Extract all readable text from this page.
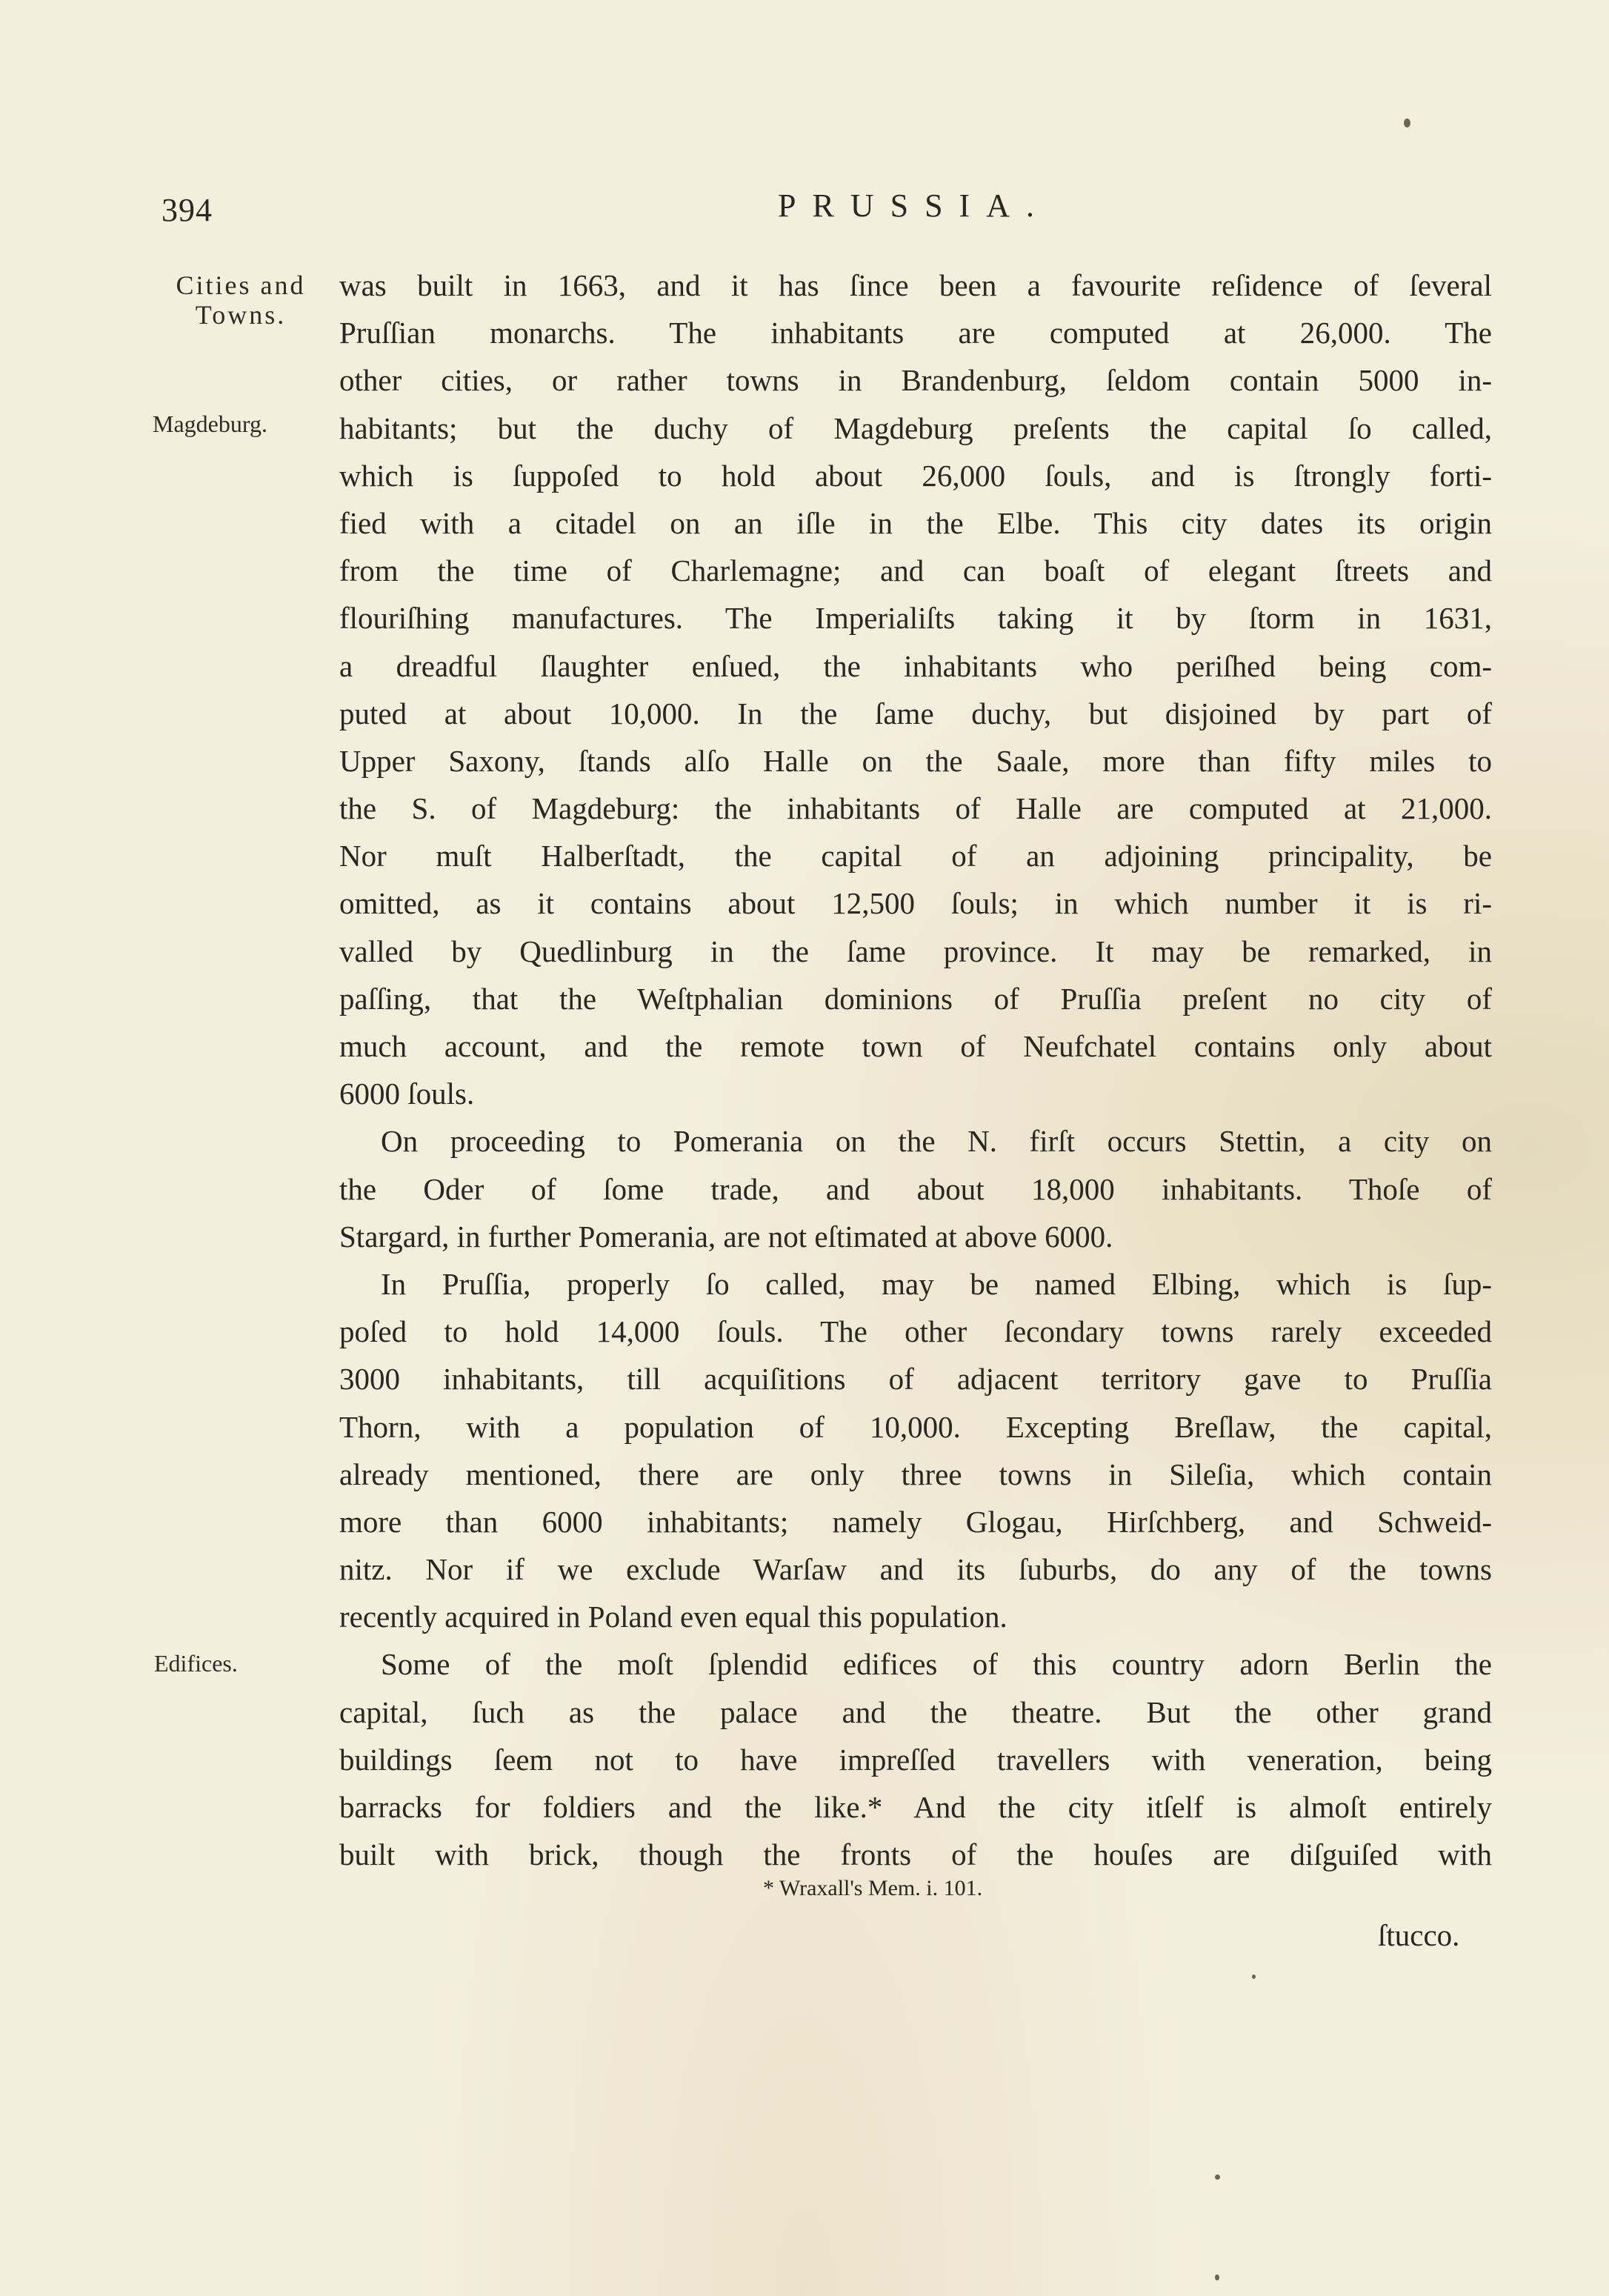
394	PRUSSIA.
Cities and
Towns.
Magdeburg.
Edifices.
was built in 1663, and it has ſince been a favourite reſidence of ſeveral
Pruſſian monarchs. The inhabitants are computed at 26,000. The
other cities, or rather towns in Brandenburg, ſeldom contain 5000 in-
habitants; but the duchy of Magdeburg preſents the capital ſo called,
which is ſuppoſed to hold about 26,000 ſouls, and is ſtrongly forti-
fied with a citadel on an iſle in the Elbe. This city dates its origin
from the time of Charlemagne; and can boaſt of elegant ſtreets and
flouriſhing manufactures. The Imperialiſts taking it by ſtorm in 1631,
a dreadful ſlaughter enſued, the inhabitants who periſhed being com-
puted at about 10,000. In the ſame duchy, but disjoined by part of
Upper Saxony, ſtands alſo Halle on the Saale, more than fifty miles to
the S. of Magdeburg: the inhabitants of Halle are computed at 21,000.
Nor muſt Halberſtadt, the capital of an adjoining principality, be
omitted, as it contains about 12,500 ſouls; in which number it is ri-
valled by Quedlinburg in the ſame province. It may be remarked, in
paſſing, that the Weſtphalian dominions of Pruſſia preſent no city of
much account, and the remote town of Neufchatel contains only about
6000 ſouls.
On proceeding to Pomerania on the N. firſt occurs Stettin, a city on
the Oder of ſome trade, and about 18,000 inhabitants. Thoſe of
Stargard, in further Pomerania, are not eſtimated at above 6000.
In Pruſſia, properly ſo called, may be named Elbing, which is ſup-
poſed to hold 14,000 ſouls. The other ſecondary towns rarely exceeded
3000 inhabitants, till acquiſitions of adjacent territory gave to Pruſſia
Thorn, with a population of 10,000. Excepting Breſlaw, the capital,
already mentioned, there are only three towns in Sileſia, which contain
more than 6000 inhabitants; namely Glogau, Hirſchberg, and Schweid-
nitz. Nor if we exclude Warſaw and its ſuburbs, do any of the towns
recently acquired in Poland even equal this population.
Some of the moſt ſplendid edifices of this country adorn Berlin the
capital, ſuch as the palace and the theatre. But the other grand
buildings ſeem not to have impreſſed travellers with veneration, being
barracks for foldiers and the like.* And the city itſelf is almoſt entirely
built with brick, though the fronts of the houſes are diſguiſed with
* Wraxall's Mem. i. 101.
ſtucco.
